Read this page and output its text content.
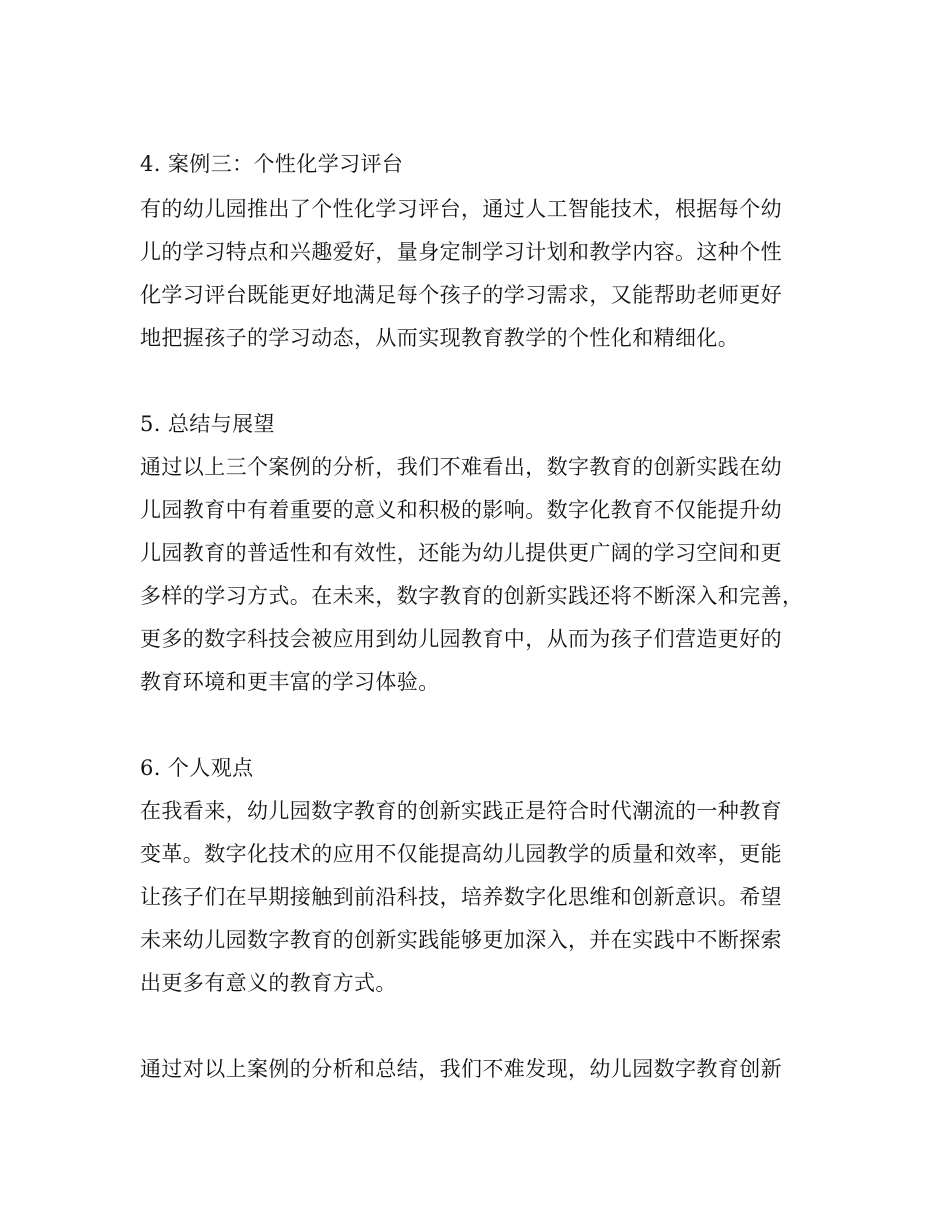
4. 案例三：个性化学习评台
有的幼儿园推出了个性化学习评台，通过人工智能技术，根据每个幼
儿的学习特点和兴趣爱好，量身定制学习计划和教学内容。这种个性
化学习评台既能更好地满足每个孩子的学习需求，又能帮助老师更好
地把握孩子的学习动态，从而实现教育教学的个性化和精细化。
5. 总结与展望
通过以上三个案例的分析，我们不难看出，数字教育的创新实践在幼
儿园教育中有着重要的意义和积极的影响。数字化教育不仅能提升幼
儿园教育的普适性和有效性，还能为幼儿提供更广阔的学习空间和更
多样的学习方式。在未来，数字教育的创新实践还将不断深入和完善，
更多的数字科技会被应用到幼儿园教育中，从而为孩子们营造更好的
教育环境和更丰富的学习体验。
6. 个人观点
在我看来，幼儿园数字教育的创新实践正是符合时代潮流的一种教育
变革。数字化技术的应用不仅能提高幼儿园教学的质量和效率，更能
让孩子们在早期接触到前沿科技，培养数字化思维和创新意识。希望
未来幼儿园数字教育的创新实践能够更加深入，并在实践中不断探索
出更多有意义的教育方式。
通过对以上案例的分析和总结，我们不难发现，幼儿园数字教育创新
